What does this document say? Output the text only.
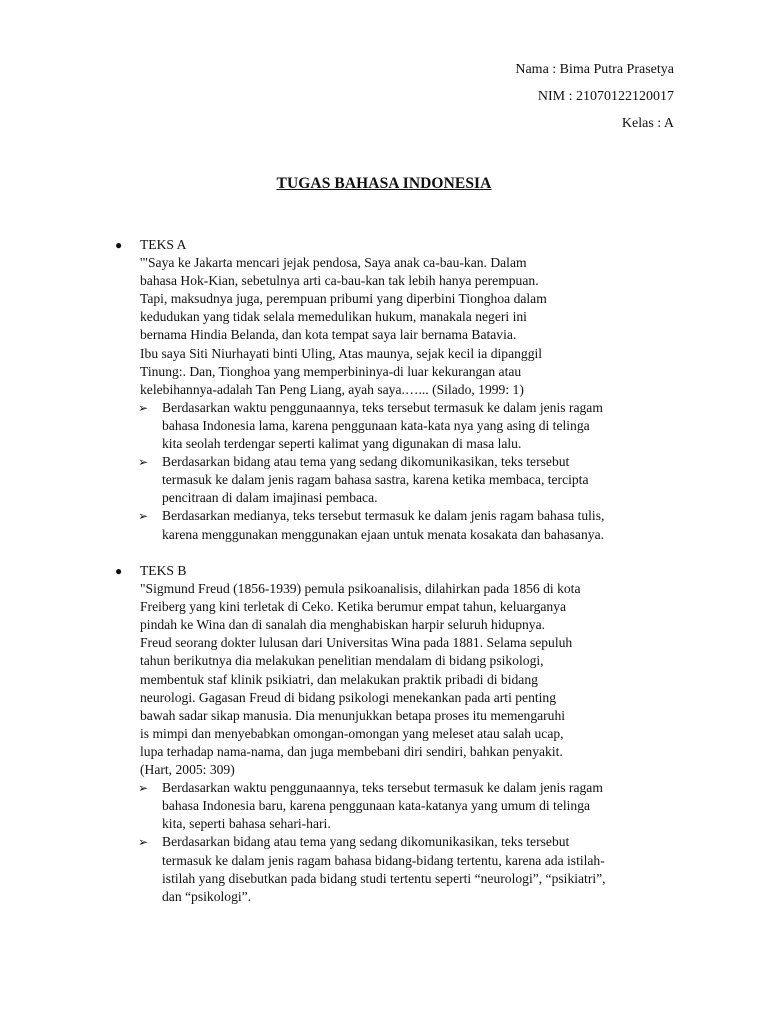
Nama : Bima Putra Prasetya
NIM : 21070122120017
Kelas : A
TUGAS BAHASA INDONESIA
● TEKS A
'"Saya ke Jakarta mencari jejak pendosa, Saya anak ca-bau-kan. Dalam
bahasa Hok-Kian, sebetulnya arti ca-bau-kan tak lebih hanya perempuan.
Tapi, maksudnya juga, perempuan pribumi yang diperbini Tionghoa dalam
kedudukan yang tidak selala memedulikan hukum, manakala negeri ini
bernama Hindia Belanda, dan kota tempat saya lair bernama Batavia.
Ibu saya Siti Niurhayati binti Uling, Atas maunya, sejak kecil ia dipanggil
Tinung:. Dan, Tionghoa yang memperbininya-di luar kekurangan atau
kelebihannya-adalah Tan Peng Liang, ayah saya.…... (Silado, 1999: 1)
➢ Berdasarkan waktu penggunaannya, teks tersebut termasuk ke dalam jenis ragam
bahasa Indonesia lama, karena penggunaan kata-kata nya yang asing di telinga
kita seolah terdengar seperti kalimat yang digunakan di masa lalu.
➢ Berdasarkan bidang atau tema yang sedang dikomunikasikan, teks tersebut
termasuk ke dalam jenis ragam bahasa sastra, karena ketika membaca, tercipta
pencitraan di dalam imajinasi pembaca.
➢ Berdasarkan medianya, teks tersebut termasuk ke dalam jenis ragam bahasa tulis,
karena menggunakan menggunakan ejaan untuk menata kosakata dan bahasanya.
● TEKS B
"Sigmund Freud (1856-1939) pemula psikoanalisis, dilahirkan pada 1856 di kota
Freiberg yang kini terletak di Ceko. Ketika berumur empat tahun, keluarganya
pindah ke Wina dan di sanalah dia menghabiskan harpir seluruh hidupnya.
Freud seorang dokter lulusan dari Universitas Wina pada 1881. Selama sepuluh
tahun berikutnya dia melakukan penelitian mendalam di bidang psikologi,
membentuk staf klinik psikiatri, dan melakukan praktik pribadi di bidang
neurologi. Gagasan Freud di bidang psikologi menekankan pada arti penting
bawah sadar sikap manusia. Dia menunjukkan betapa proses itu memengaruhi
is mimpi dan menyebabkan omongan-omongan yang meleset atau salah ucap,
lupa terhadap nama-nama, dan juga membebani diri sendiri, bahkan penyakit.
(Hart, 2005: 309)
➢ Berdasarkan waktu penggunaannya, teks tersebut termasuk ke dalam jenis ragam
bahasa Indonesia baru, karena penggunaan kata-katanya yang umum di telinga
kita, seperti bahasa sehari-hari.
➢ Berdasarkan bidang atau tema yang sedang dikomunikasikan, teks tersebut
termasuk ke dalam jenis ragam bahasa bidang-bidang tertentu, karena ada istilah-
istilah yang disebutkan pada bidang studi tertentu seperti “neurologi”, “psikiatri”,
dan “psikologi”.
